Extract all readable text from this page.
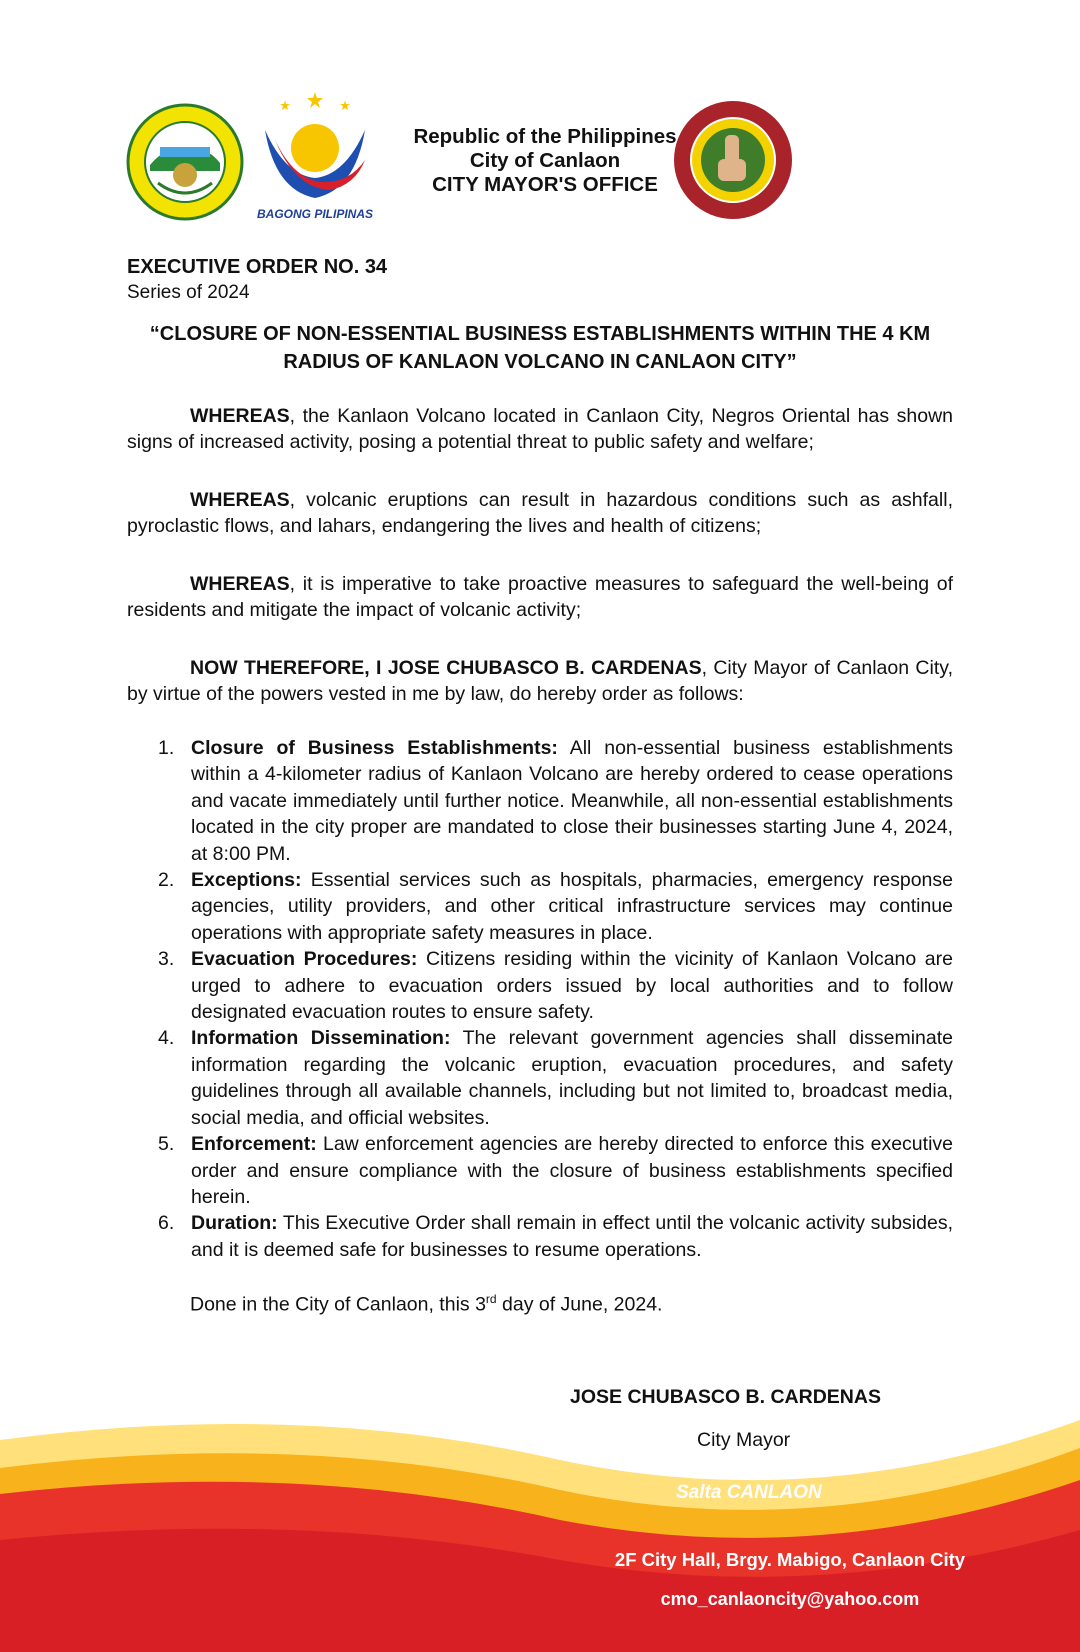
BAGONG PILIPINAS
Republic of the Philippines
City of Canlaon
CITY MAYOR'S OFFICE
EXECUTIVE ORDER NO. 34
Series of 2024
“CLOSURE OF NON-ESSENTIAL BUSINESS ESTABLISHMENTS WITHIN THE 4 KM RADIUS OF KANLAON VOLCANO IN CANLAON CITY”

WHEREAS, the Kanlaon Volcano located in Canlaon City, Negros Oriental has shown signs of increased activity, posing a potential threat to public safety and welfare;

WHEREAS, volcanic eruptions can result in hazardous conditions such as ashfall, pyroclastic flows, and lahars, endangering the lives and health of citizens;

WHEREAS, it is imperative to take proactive measures to safeguard the well-being of residents and mitigate the impact of volcanic activity;

NOW THEREFORE, I JOSE CHUBASCO B. CARDENAS, City Mayor of Canlaon City, by virtue of the powers vested in me by law, do hereby order as follows:

1. Closure of Business Establishments: All non-essential business establishments within a 4-kilometer radius of Kanlaon Volcano are hereby ordered to cease operations and vacate immediately until further notice. Meanwhile, all non-essential establishments located in the city proper are mandated to close their businesses starting June 4, 2024, at 8:00 PM.
2. Exceptions: Essential services such as hospitals, pharmacies, emergency response agencies, utility providers, and other critical infrastructure services may continue operations with appropriate safety measures in place.
3. Evacuation Procedures: Citizens residing within the vicinity of Kanlaon Volcano are urged to adhere to evacuation orders issued by local authorities and to follow designated evacuation routes to ensure safety.
4. Information Dissemination: The relevant government agencies shall disseminate information regarding the volcanic eruption, evacuation procedures, and safety guidelines through all available channels, including but not limited to, broadcast media, social media, and official websites.
5. Enforcement: Law enforcement agencies are hereby directed to enforce this executive order and ensure compliance with the closure of business establishments specified herein.
6. Duration: This Executive Order shall remain in effect until the volcanic activity subsides, and it is deemed safe for businesses to resume operations.
Done in the City of Canlaon, this 3rd day of June, 2024.
JOSE CHUBASCO B. CARDENAS
City Mayor
Salta CANLAON
2F City Hall, Brgy. Mabigo, Canlaon City
cmo_canlaoncity@yahoo.com
